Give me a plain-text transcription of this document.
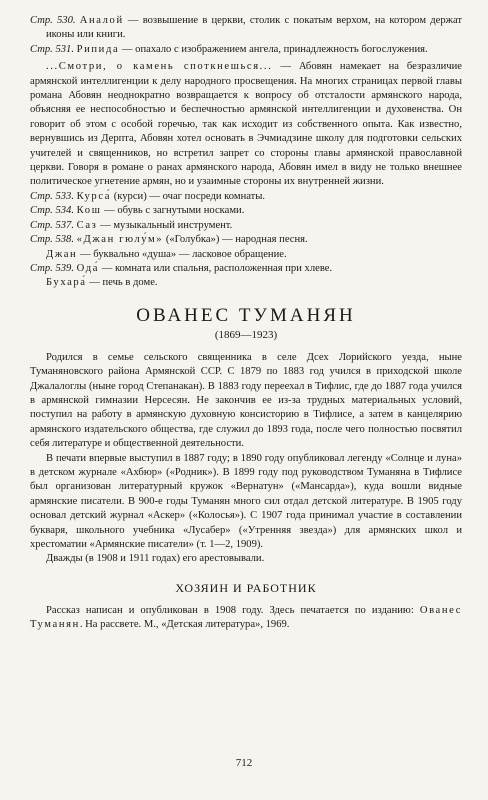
Стр. 530. Аналой — возвышение в церкви, столик с покатым верхом, на котором держат иконы или книги.

Стр. 531. Рипида — опахало с изображением ангела, принадлежность богослужения.

...Смотри, о камень споткнешься... — Абовян намекает на безразличие армянской интеллигенции к делу народного просвещения. На многих страницах первой главы романа Абовян неоднократно возвращается к вопросу об отсталости армянского народа, объясняя ее неспособностью и беспечностью армянской интеллигенции и духовенства. Он говорит об этом с особой горечью, так как исходит из собственного опыта. Как известно, вернувшись из Дерпта, Абовян хотел основать в Эчмиадзине школу для подготовки сельских учителей и священников, но встретил запрет со стороны главы армянской православной церкви. Говоря в романе о ранах армянского народа, Абовян имел в виду не только внешнее политическое угнетение армян, но и узаимные стороны их внутренней жизни.

Стр. 533. Курса́ (курси) — очаг посреди комнаты.

Стр. 534. Кош — обувь с загнутыми носками.

Стр. 537. Саз — музыкальный инструмент.

Стр. 538. «Джан гюлу́м» («Голубка») — народная песня.

Джан — буквально «душа» — ласковое обращение.

Стр. 539. Ода́ — комната или спальня, расположенная при хлеве.

Бухара́ — печь в доме.

ОВАНЕС ТУМАНЯН
(1869—1923)

Родился в семье сельского священника в селе Дсех Лорийского уезда, ныне Туманяновского района Армянской ССР. С 1879 по 1883 год учился в приходской школе Джалалоглы (ныне город Степанакан). В 1883 году переехал в Тифлис, где до 1887 года учился в армянской гимназии Нерсесян. Не закончив ее из-за трудных материальных условий, поступил на работу в армянскую духовную консисторию в Тифлисе, а затем в канцелярию армянского издательского общества, где служил до 1893 года, после чего полностью посвятил себя литературе и общественной деятельности.

В печати впервые выступил в 1887 году; в 1890 году опубликовал легенду «Солнце и луна» в детском журнале «Ахбюр» («Родник»). В 1899 году под руководством Туманяна в Тифлисе был организован литературный кружок «Вернатун» («Мансарда»), куда вошли видные армянские писатели. В 900-е годы Туманян много сил отдал детской литературе. В 1905 году основал детский журнал «Аскер» («Колосья»). С 1907 года принимал участие в составлении букваря, школьного учебника «Лусабер» («Утренняя звезда») для армянских школ и хрестоматии «Армянские писатели» (т. 1—2, 1909).

Дважды (в 1908 и 1911 годах) его арестовывали.

ХОЗЯИН И РАБОТНИК

Рассказ написан и опубликован в 1908 году. Здесь печатается по изданию: Ованес Туманян. На рассвете. М., «Детская литература», 1969.

712
